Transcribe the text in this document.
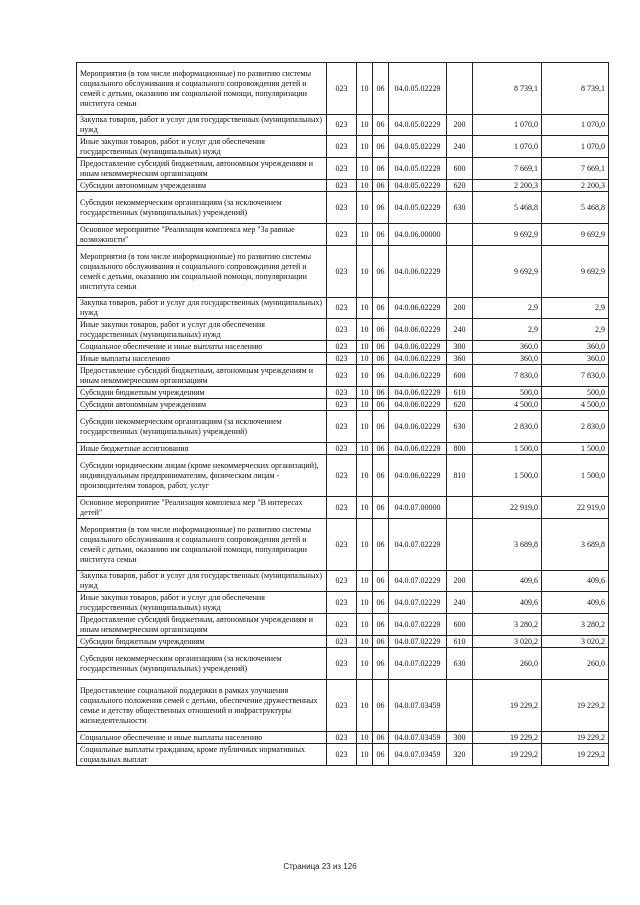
Мероприятия (в том числе информационные) по развитию системы социального обслуживания и социального сопровождения детей и семей с детьми, оказанию им социальной помощи, популяризации института семьи	023	10	06	04.0.05.02229		8 739,1	8 739,1
Закупка товаров, работ и услуг для государственных (муниципальных) нужд	023	10	06	04.0.05.02229	200	1 070,0	1 070,0
Иные закупки товаров, работ и услуг для обеспечения государственных (муниципальных) нужд	023	10	06	04.0.05.02229	240	1 070,0	1 070,0
Предоставление субсидий бюджетным, автономным учреждениям и иным некоммерческим организациям	023	10	06	04.0.05.02229	600	7 669,1	7 669,1
Субсидии автономным учреждениям	023	10	06	04.0.05.02229	620	2 200,3	2 200,3
Субсидии некоммерческим организациям (за исключением государственных (муниципальных) учреждений)	023	10	06	04.0.05.02229	630	5 468,8	5 468,8
Основное мероприятие "Реализация комплекса мер "За равные возможности"	023	10	06	04.0.06.00000		9 692,9	9 692,9
Мероприятия (в том числе информационные) по развитию системы социального обслуживания и социального сопровождения детей и семей с детьми, оказанию им социальной помощи, популяризации института семьи	023	10	06	04.0.06.02229		9 692,9	9 692,9
Закупка товаров, работ и услуг для государственных (муниципальных) нужд	023	10	06	04.0.06.02229	200	2,9	2,9
Иные закупки товаров, работ и услуг для обеспечения государственных (муниципальных) нужд	023	10	06	04.0.06.02229	240	2,9	2,9
Социальное обеспечение и иные выплаты населению	023	10	06	04.0.06.02229	300	360,0	360,0
Иные выплаты населению	023	10	06	04.0.06.02229	360	360,0	360,0
Предоставление субсидий бюджетным, автономным учреждениям и иным некоммерческим организациям	023	10	06	04.0.06.02229	600	7 830,0	7 830,0
Субсидии бюджетным учреждениям	023	10	06	04.0.06.02229	610	500,0	500,0
Субсидии автономным учреждениям	023	10	06	04.0.06.02229	620	4 500,0	4 500,0
Субсидии некоммерческим организациям (за исключением государственных (муниципальных) учреждений)	023	10	06	04.0.06.02229	630	2 830,0	2 830,0
Иные бюджетные ассигнования	023	10	06	04.0.06.02229	800	1 500,0	1 500,0
Субсидии юридическим лицам (кроме некоммерческих организаций), индивидуальным предпринимателям, физическим лицам - производителям товаров, работ, услуг	023	10	06	04.0.06.02229	810	1 500,0	1 500,0
Основное мероприятие "Реализация комплекса мер "В интересах детей"	023	10	06	04.0.07.00000		22 919,0	22 919,0
Мероприятия (в том числе информационные) по развитию системы социального обслуживания и социального сопровождения детей и семей с детьми, оказанию им социальной помощи, популяризации института семьи	023	10	06	04.0.07.02229		3 689,8	3 689,8
Закупка товаров, работ и услуг для государственных (муниципальных) нужд	023	10	06	04.0.07.02229	200	409,6	409,6
Иные закупки товаров, работ и услуг для обеспечения государственных (муниципальных) нужд	023	10	06	04.0.07.02229	240	409,6	409,6
Предоставление субсидий бюджетным, автономным учреждениям и иным некоммерческим организациям	023	10	06	04.0.07.02229	600	3 280,2	3 280,2
Субсидии бюджетным учреждениям	023	10	06	04.0.07.02229	610	3 020,2	3 020,2
Субсидии некоммерческим организациям (за исключением государственных (муниципальных) учреждений)	023	10	06	04.0.07.02229	630	260,0	260,0
Предоставление социальной поддержки в рамках улучшения социального положения семей с детьми, обеспечение дружественных семье и детству общественных отношений и инфраструктуры жизнедеятельности	023	10	06	04.0.07.03459		19 229,2	19 229,2
Социальное обеспечение и иные выплаты населению	023	10	06	04.0.07.03459	300	19 229,2	19 229,2
Социальные выплаты гражданам, кроме публичных нормативных социальных выплат	023	10	06	04.0.07.03459	320	19 229,2	19 229,2
Страница 23 из 126
